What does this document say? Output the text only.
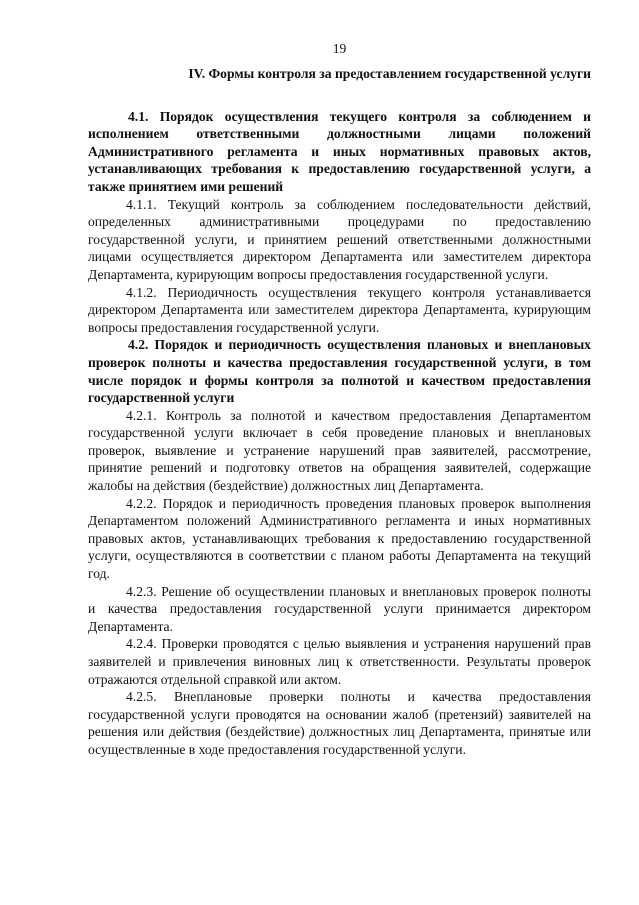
19
IV. Формы контроля за предоставлением государственной услуги
4.1. Порядок осуществления текущего контроля за соблюдением и исполнением ответственными должностными лицами положений Административного регламента и иных нормативных правовых актов, устанавливающих требования к предоставлению государственной услуги, а также принятием ими решений
4.1.1. Текущий контроль за соблюдением последовательности действий, определенных административными процедурами по предоставлению государственной услуги, и принятием решений ответственными должностными лицами осуществляется директором Департамента или заместителем директора Департамента, курирующим вопросы предоставления государственной услуги.
4.1.2. Периодичность осуществления текущего контроля устанавливается директором Департамента или заместителем директора Департамента, курирующим вопросы предоставления государственной услуги.
4.2. Порядок и периодичность осуществления плановых и внеплановых проверок полноты и качества предоставления государственной услуги, в том числе порядок и формы контроля за полнотой и качеством предоставления государственной услуги
4.2.1. Контроль за полнотой и качеством предоставления Департаментом государственной услуги включает в себя проведение плановых и внеплановых проверок, выявление и устранение нарушений прав заявителей, рассмотрение, принятие решений и подготовку ответов на обращения заявителей, содержащие жалобы на действия (бездействие) должностных лиц Департамента.
4.2.2. Порядок и периодичность проведения плановых проверок выполнения Департаментом положений Административного регламента и иных нормативных правовых актов, устанавливающих требования к предоставлению государственной услуги, осуществляются в соответствии с планом работы Департамента на текущий год.
4.2.3. Решение об осуществлении плановых и внеплановых проверок полноты и качества предоставления государственной услуги принимается директором Департамента.
4.2.4. Проверки проводятся с целью выявления и устранения нарушений прав заявителей и привлечения виновных лиц к ответственности. Результаты проверок отражаются отдельной справкой или актом.
4.2.5. Внеплановые проверки полноты и качества предоставления государственной услуги проводятся на основании жалоб (претензий) заявителей на решения или действия (бездействие) должностных лиц Департамента, принятые или осуществленные в ходе предоставления государственной услуги.
